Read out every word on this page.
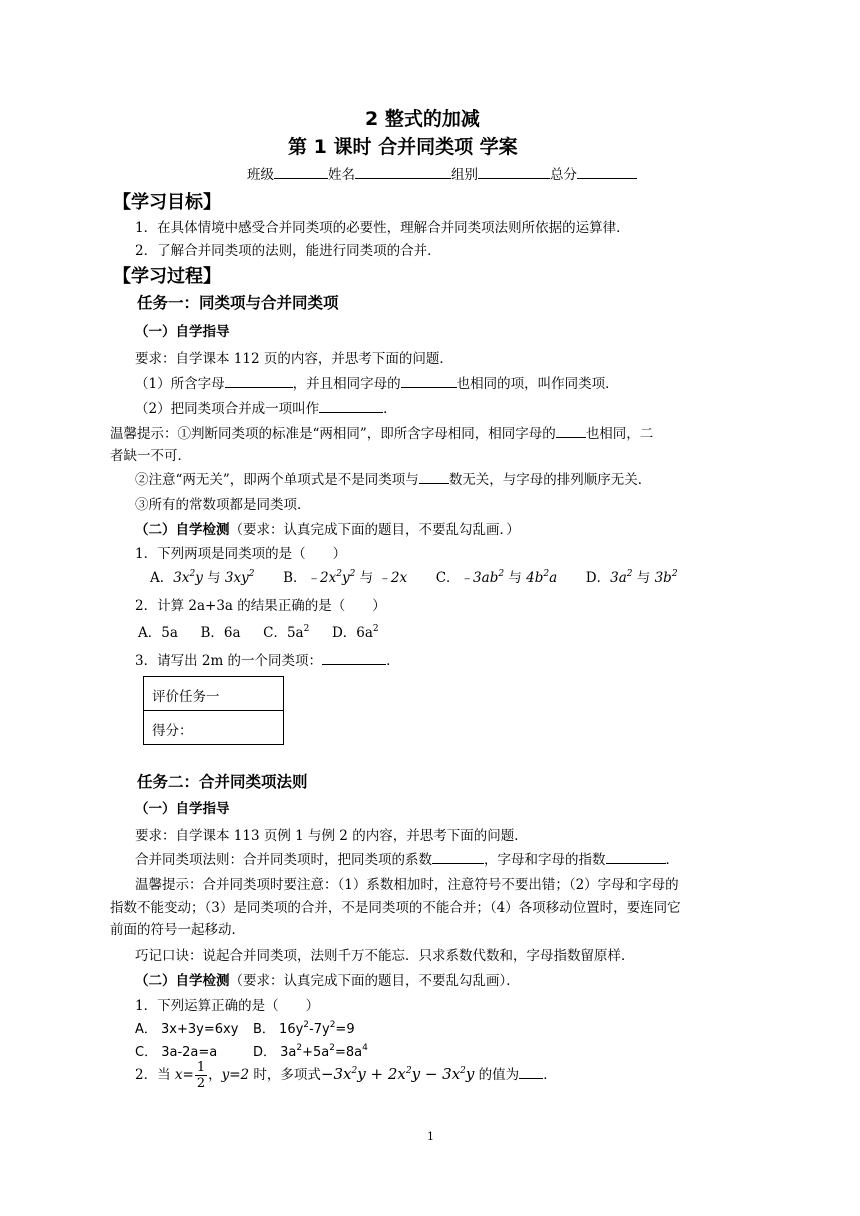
2 整式的加减
第 1 课时 合并同类项 学案
班级	姓名	组别	总分
【学习目标】
1．在具体情境中感受合并同类项的必要性，理解合并同类项法则所依据的运算律．
2．了解合并同类项的法则，能进行同类项的合并．
【学习过程】
任务一：同类项与合并同类项
（一）自学指导
要求：自学课本 112 页的内容，并思考下面的问题．
（1）所含字母	，并且相同字母的	也相同的项，叫作同类项．
（2）把同类项合并成一项叫作	．
温馨提示：①判断同类项的标准是“两相同”，即所含字母相同，相同字母的 也相同，二
者缺一不可．
②注意“两无关”，即两个单项式是不是同类项与 数无关，与字母的排列顺序无关．
③所有的常数项都是同类项．
（二）自学检测（要求：认真完成下面的题目，不要乱勾乱画．）
1．下列两项是同类项的是（　　）
A．$3x^2y$ 与 $3xy^2$ B．$﹣2x^2y^2$ 与 ﹣2x C．$﹣3ab^2$ 与 $4b^2a$ D．$3a^2$ 与 $3b^2$
2．计算 2a+3a 的结果正确的是（　　）
A．5a B．6a C．$5a^2$ D．$6a^2$
3．请写出 2m 的一个同类项：	．
评价任务一
得分：
任务二：合并同类项法则
（一）自学指导
要求：自学课本 113 页例 1 与例 2 的内容，并思考下面的问题．
合并同类项法则：合并同类项时，把同类项的系数	，字母和字母的指数	．
温馨提示：合并同类项时要注意：（1）系数相加时，注意符号不要出错；（2）字母和字母的
指数不能变动；（3）是同类项的合并，不是同类项的不能合并；（4）各项移动位置时，要连同它
前面的符号一起移动．
巧记口诀：说起合并同类项，法则千万不能忘．只求系数代数和，字母指数留原样．
（二）自学检测（要求：认真完成下面的题目，不要乱勾乱画）．
1．下列运算正确的是（　　）
A． 3x+3y=6xy B． $16y^2-7y^2=9$
C． 3a-2a=a	D． $3a^2+5a^2=8a^4$
2．当 $x= \frac{1}{2}$ ，y=2 时，多项式$-3x^2y + 2x^2y - 3x^2y$ 的值为 ．
1
